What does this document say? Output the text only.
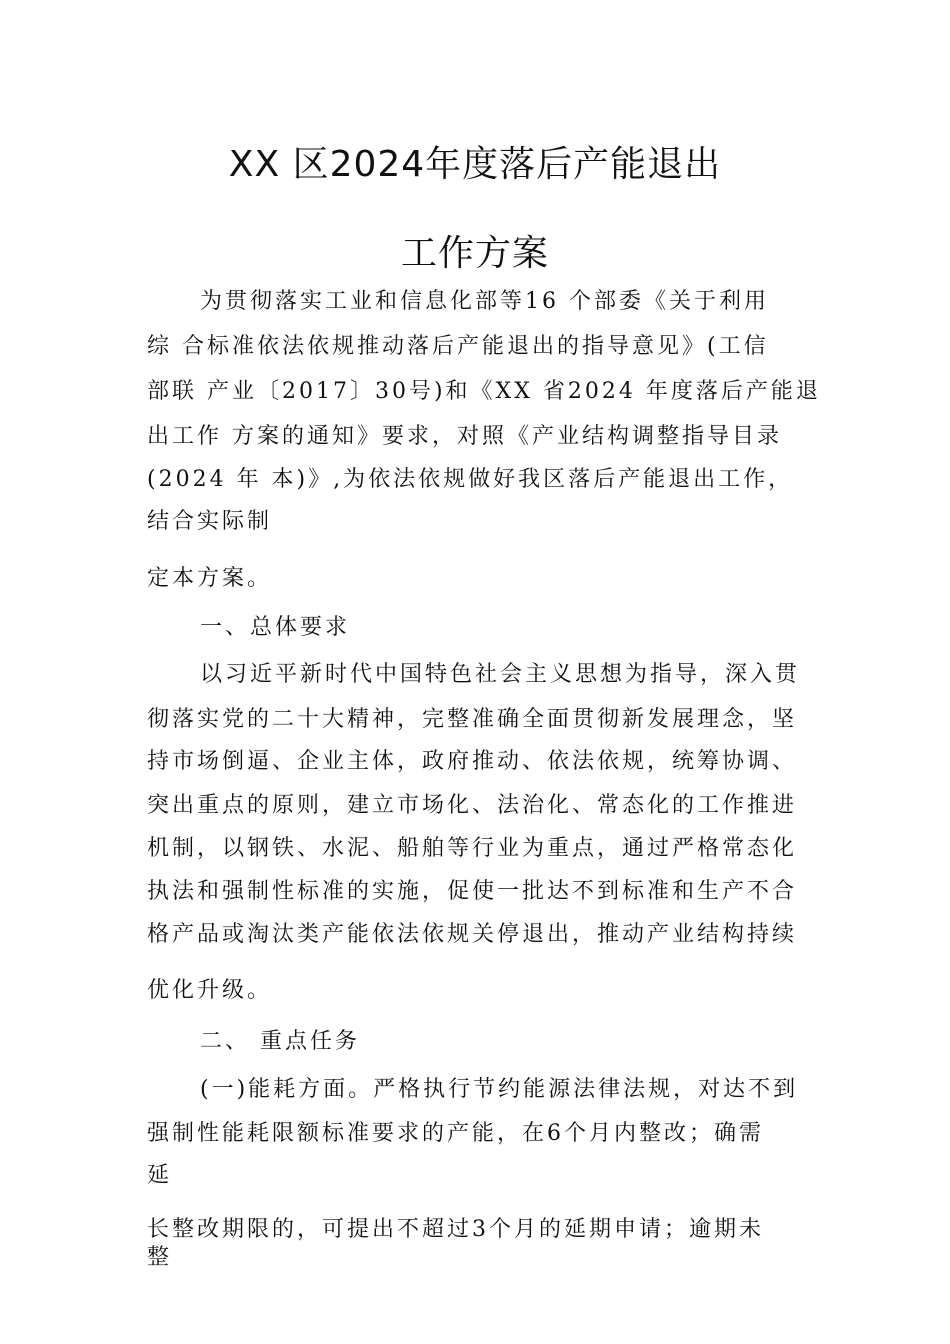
XX 区2024年度落后产能退出
工作方案
为贯彻落实工业和信息化部等16 个部委《关于利用
综 合标准依法依规推动落后产能退出的指导意见》(工信
部联 产业〔2017〕30号)和《XX 省2024 年度落后产能退
出工作 方案的通知》要求，对照《产业结构调整指导目录
(2024 年 本)》,为依法依规做好我区落后产能退出工作，
结合实际制
定本方案。
一、总体要求
以习近平新时代中国特色社会主义思想为指导，深入贯
彻落实党的二十大精神，完整准确全面贯彻新发展理念，坚
持市场倒逼、企业主体，政府推动、依法依规，统筹协调、
突出重点的原则，建立市场化、法治化、常态化的工作推进
机制，以钢铁、水泥、船舶等行业为重点，通过严格常态化
执法和强制性标准的实施，促使一批达不到标准和生产不合
格产品或淘汰类产能依法依规关停退出，推动产业结构持续
优化升级。
二、 重点任务
(一)能耗方面。严格执行节约能源法律法规，对达不到
强制性能耗限额标准要求的产能，在6个月内整改；确需
延
长整改期限的，可提出不超过3个月的延期申请；逾期未
整
